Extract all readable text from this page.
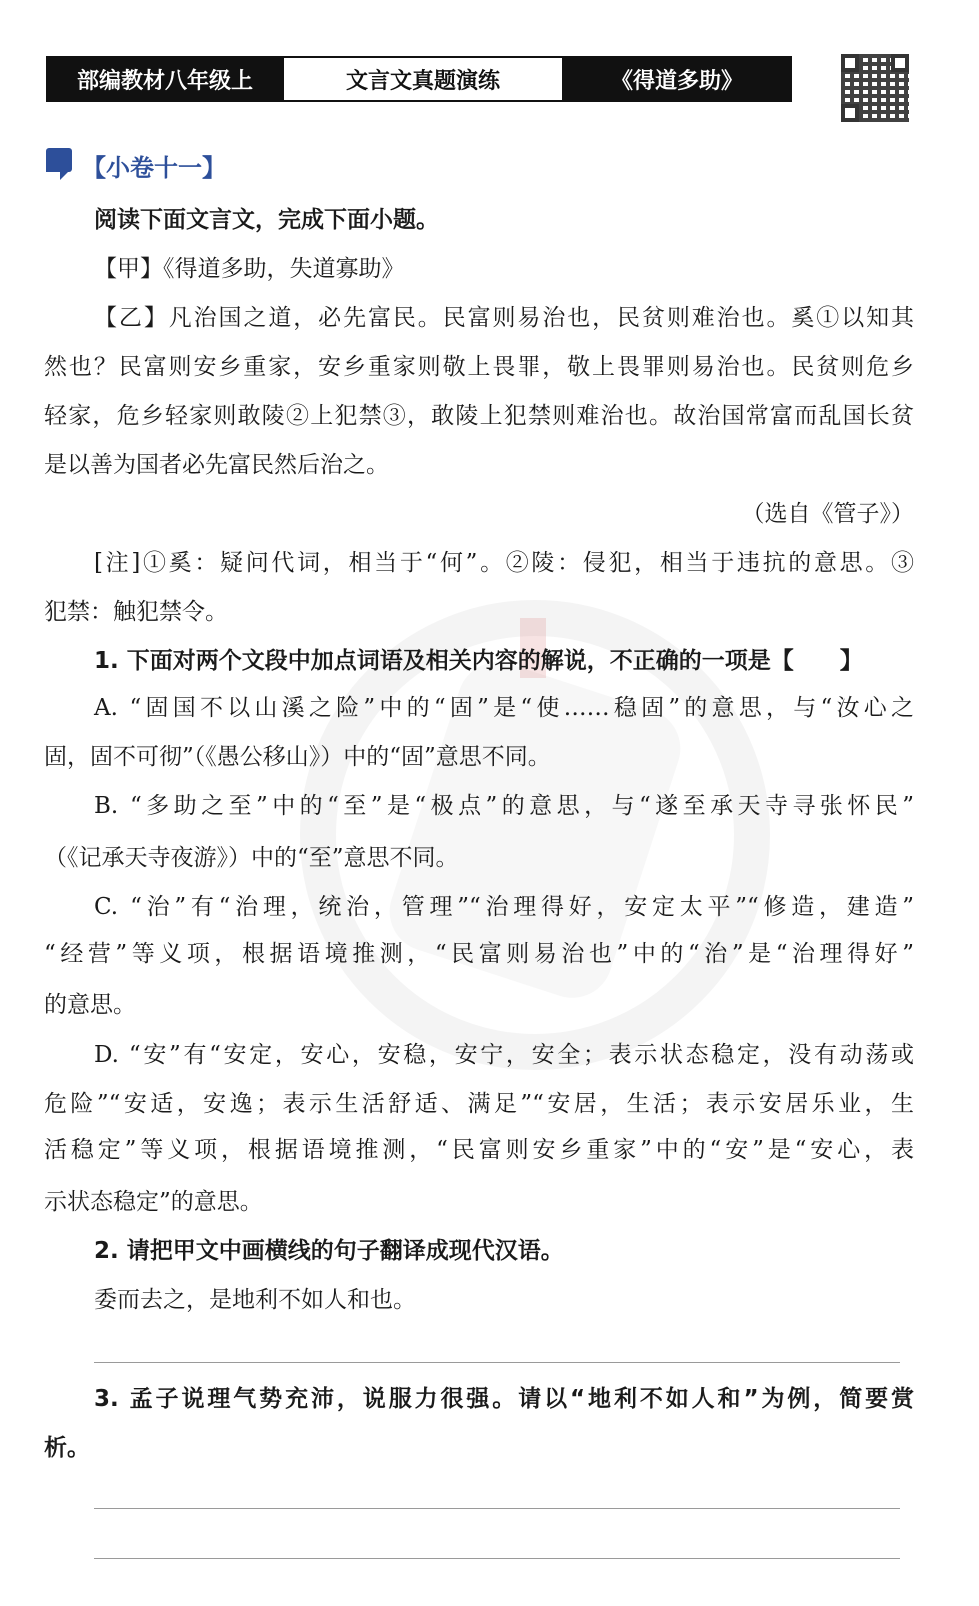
部编教材八年级上	文言文真题演练	《得道多助》
【小卷十一】
阅读下面文言文，完成下面小题。
【甲】《得道多助，失道寡助》
【乙】凡治国之道，必先富民。民富则易治也，民贫则难治也。奚①以知其
然也？民富则安乡重家，安乡重家则敬上畏罪，敬上畏罪则易治也。民贫则危乡
轻家，危乡轻家则敢陵②上犯禁③，敢陵上犯禁则难治也。故治国常富而乱国长贫
是以善为国者必先富民然后治之。
（选自《管子》）
[注]①奚：疑问代词，相当于“何”。②陵：侵犯，相当于违抗的意思。③
犯禁：触犯禁令。
1. 下面对两个文段中加点词语及相关内容的解说，不正确的一项是【　　】
A. “固国不以山溪之险”中的“固”是“使……稳固”的意思，与“汝心之
固，固不可彻”（《愚公移山》）中的“固”意思不同。
B. “多助之至”中的“至”是“极点”的意思，与“遂至承天寺寻张怀民”
（《记承天寺夜游》）中的“至”意思不同。
C. “治”有“治理，统治，管理”“治理得好，安定太平”“修造，建造”
“经营”等义项，根据语境推测，“民富则易治也”中的“治”是“治理得好”
的意思。
D. “安”有“安定，安心，安稳，安宁，安全；表示状态稳定，没有动荡或
危险”“安适，安逸；表示生活舒适、满足”“安居，生活；表示安居乐业，生
活稳定”等义项，根据语境推测，“民富则安乡重家”中的“安”是“安心，表
示状态稳定”的意思。
2. 请把甲文中画横线的句子翻译成现代汉语。
委而去之，是地利不如人和也。
3. 孟子说理气势充沛，说服力很强。请以“地利不如人和”为例，简要赏
析。
